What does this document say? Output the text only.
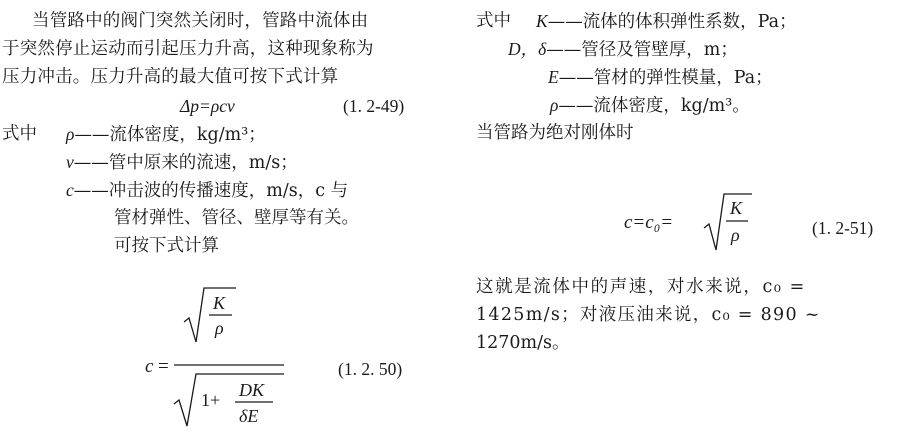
当管路中的阀门突然关闭时，管路中流体由
于突然停止运动而引起压力升高，这种现象称为
压力冲击。压力升高的最大值可按下式计算
Δp=ρcv	(1. 2-49)
式中 ρ——流体密度，kg/m³；
v——管中原来的流速，m/s；
c——冲击波的传播速度，m/s，c 与
管材弹性、管径、壁厚等有关。
可按下式计算
c =
K
ρ
1+ DK
δE
(1. 2. 50)
式中 K——流体的体积弹性系数，Pa；
D，δ——管径及管壁厚，m；
E——管材的弹性模量，Pa；
ρ——流体密度，kg/m³。
当管路为绝对刚体时
c=c₀=
K
ρ	(1. 2-51)
这就是流体中的声速，对水来说，c₀ =
1425m/s；对液压油来说，c₀ = 890 ~
1270m/s。
